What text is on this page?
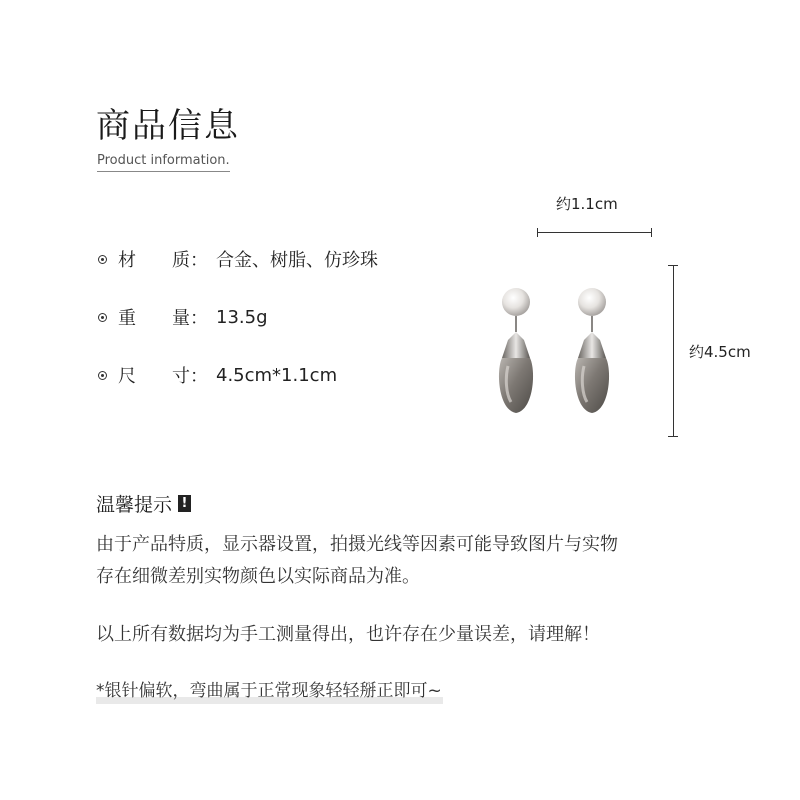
商品信息
Product information.
材 质： 合金、树脂、仿珍珠
重 量： 13.5g
尺 寸： 4.5cm*1.1cm
约1.1cm
约4.5cm
温馨提示 !
由于产品特质，显示器设置，拍摄光线等因素可能导致图片与实物
存在细微差别实物颜色以实际商品为准。
以上所有数据均为手工测量得出，也许存在少量误差，请理解！
*银针偏软，弯曲属于正常现象轻轻掰正即可~
